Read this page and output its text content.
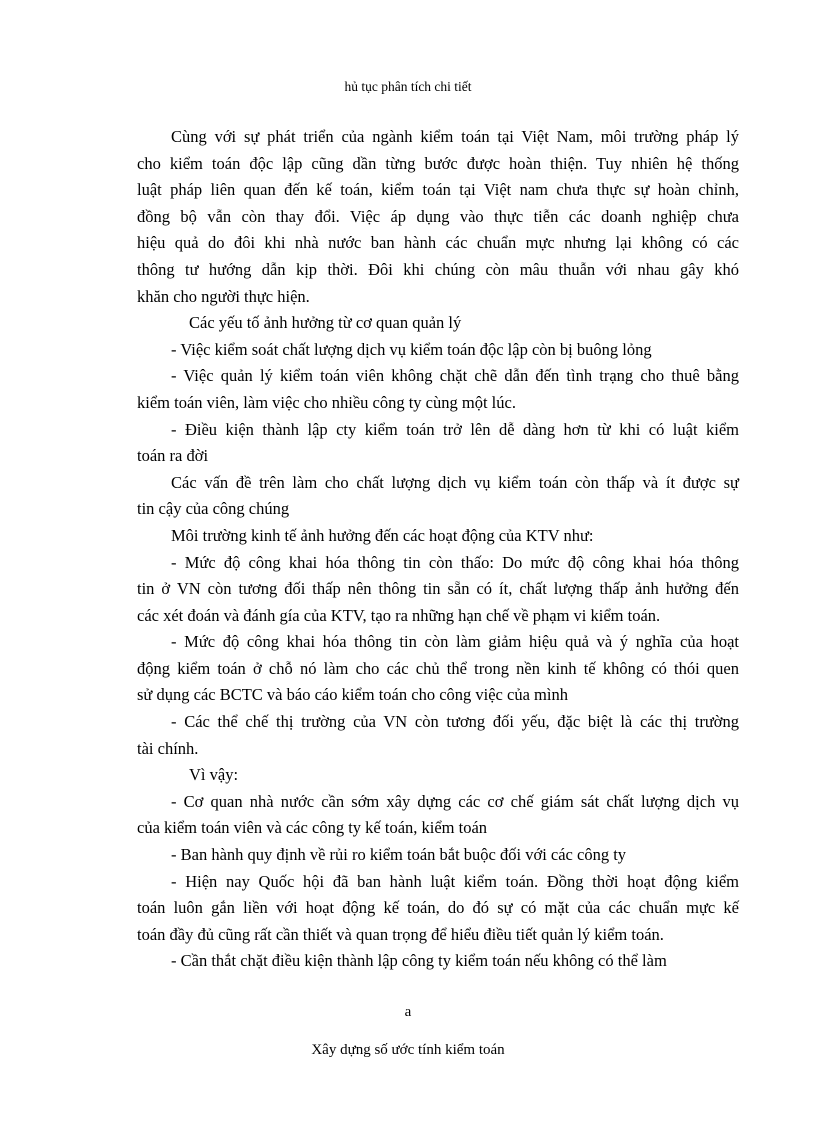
hủ tục phân tích chi tiết

Cùng với sự phát triển của ngành kiểm toán tại Việt Nam, môi trường pháp lý
cho kiểm toán độc lập cũng dần từng bước được hoàn thiện. Tuy nhiên hệ thống
luật pháp liên quan đến kế toán, kiểm toán tại Việt nam chưa thực sự hoàn chỉnh,
đồng bộ vẫn còn thay đổi. Việc áp dụng vào thực tiễn các doanh nghiệp chưa
hiệu quả do đôi khi nhà nước ban hành các chuẩn mực nhưng lại không có các
thông tư hướng dẫn kịp thời. Đôi khi chúng còn mâu thuẫn với nhau gây khó
khăn cho người thực hiện.

Các yếu tố ảnh hưởng từ cơ quan quản lý

- Việc kiểm soát chất lượng dịch vụ kiểm toán độc lập còn bị buông lỏng

- Việc quản lý kiểm toán viên không chặt chẽ dẫn đến tình trạng cho thuê bằng
kiểm toán viên, làm việc cho nhiều công ty cùng một lúc.

- Điều kiện thành lập cty kiểm toán trở lên dễ dàng hơn từ khi có luật kiểm
toán ra đời

Các vấn đề trên làm cho chất lượng dịch vụ kiểm toán còn thấp và ít được sự
tin cậy của công chúng

Môi trường kinh tế ảnh hưởng đến các hoạt động của KTV như:

- Mức độ công khai hóa thông tin còn thấo: Do mức độ công khai hóa thông
tin ở VN còn tương đối thấp nên thông tin sẵn có ít, chất lượng thấp ảnh hưởng đến
các xét đoán và đánh gía của KTV, tạo ra những hạn chế về phạm vi kiểm toán.

- Mức độ công khai hóa thông tin còn làm giảm hiệu quả và ý nghĩa của hoạt
động kiểm toán ở chỗ nó làm cho các chủ thể trong nền kinh tế không có thói quen
sử dụng các BCTC và báo cáo kiểm toán cho công việc của mình

- Các thể chế thị trường của VN còn tương đối yếu, đặc biệt là các thị trường
tài chính.

Vì vậy:

- Cơ quan nhà nước cần sớm xây dựng các cơ chế giám sát chất lượng dịch vụ
của kiểm toán viên và các công ty kế toán, kiểm toán

- Ban hành quy định về rủi ro kiểm toán bắt buộc đối với các công ty

- Hiện nay Quốc hội đã ban hành luật kiểm toán. Đồng thời hoạt động kiểm
toán luôn gắn liền với hoạt động kế toán, do đó sự có mặt của các chuẩn mực kế
toán đầy đủ cũng rất cần thiết và quan trọng để hiểu điều tiết quản lý kiểm toán.

- Cần thắt chặt điều kiện thành lập công ty kiểm toán nếu không có thể làm

a
Xây dựng số ước tính kiểm toán
